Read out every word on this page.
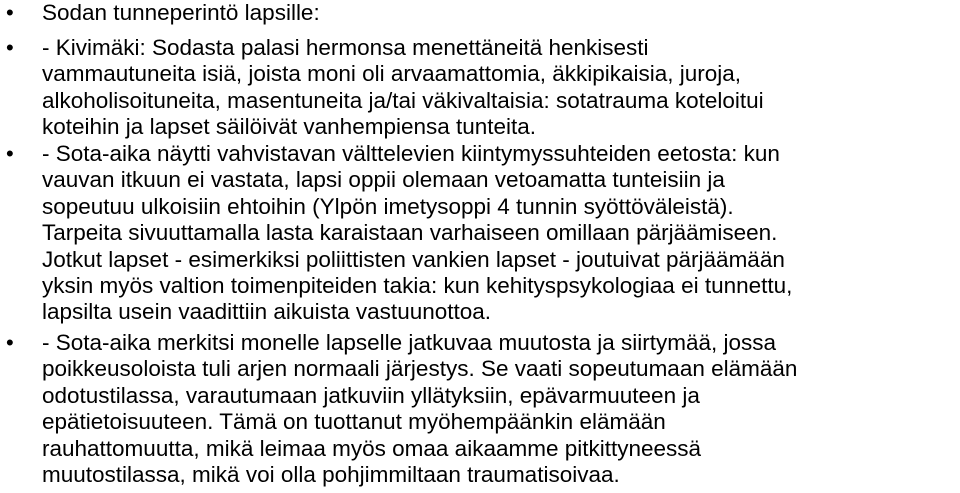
• Sodan tunneperintö lapsille:
• - Kivimäki: Sodasta palasi hermonsa menettäneitä henkisesti
vammautuneita isiä, joista moni oli arvaamattomia, äkkipikaisia, juroja,
alkoholisoituneita, masentuneita ja/tai väkivaltaisia: sotatrauma koteloitui
koteihin ja lapset säilöivät vanhempiensa tunteita.
• - Sota-aika näytti vahvistavan välttelevien kiintymyssuhteiden eetosta: kun
vauvan itkuun ei vastata, lapsi oppii olemaan vetoamatta tunteisiin ja
sopeutuu ulkoisiin ehtoihin (Ylpön imetysoppi 4 tunnin syöttöväleistä).
Tarpeita sivuuttamalla lasta karaistaan varhaiseen omillaan pärjäämiseen.
Jotkut lapset - esimerkiksi poliittisten vankien lapset - joutuivat pärjäämään
yksin myös valtion toimenpiteiden takia: kun kehityspsykologiaa ei tunnettu,
lapsilta usein vaadittiin aikuista vastuunottoa.
• - Sota-aika merkitsi monelle lapselle jatkuvaa muutosta ja siirtymää, jossa
poikkeusoloista tuli arjen normaali järjestys. Se vaati sopeutumaan elämään
odotustilassa, varautumaan jatkuviin yllätyksiin, epävarmuuteen ja
epätietoisuuteen. Tämä on tuottanut myöhempäänkin elämään
rauhattomuutta, mikä leimaa myös omaa aikaamme pitkittyneessä
muutostilassa, mikä voi olla pohjimmiltaan traumatisoivaa.
